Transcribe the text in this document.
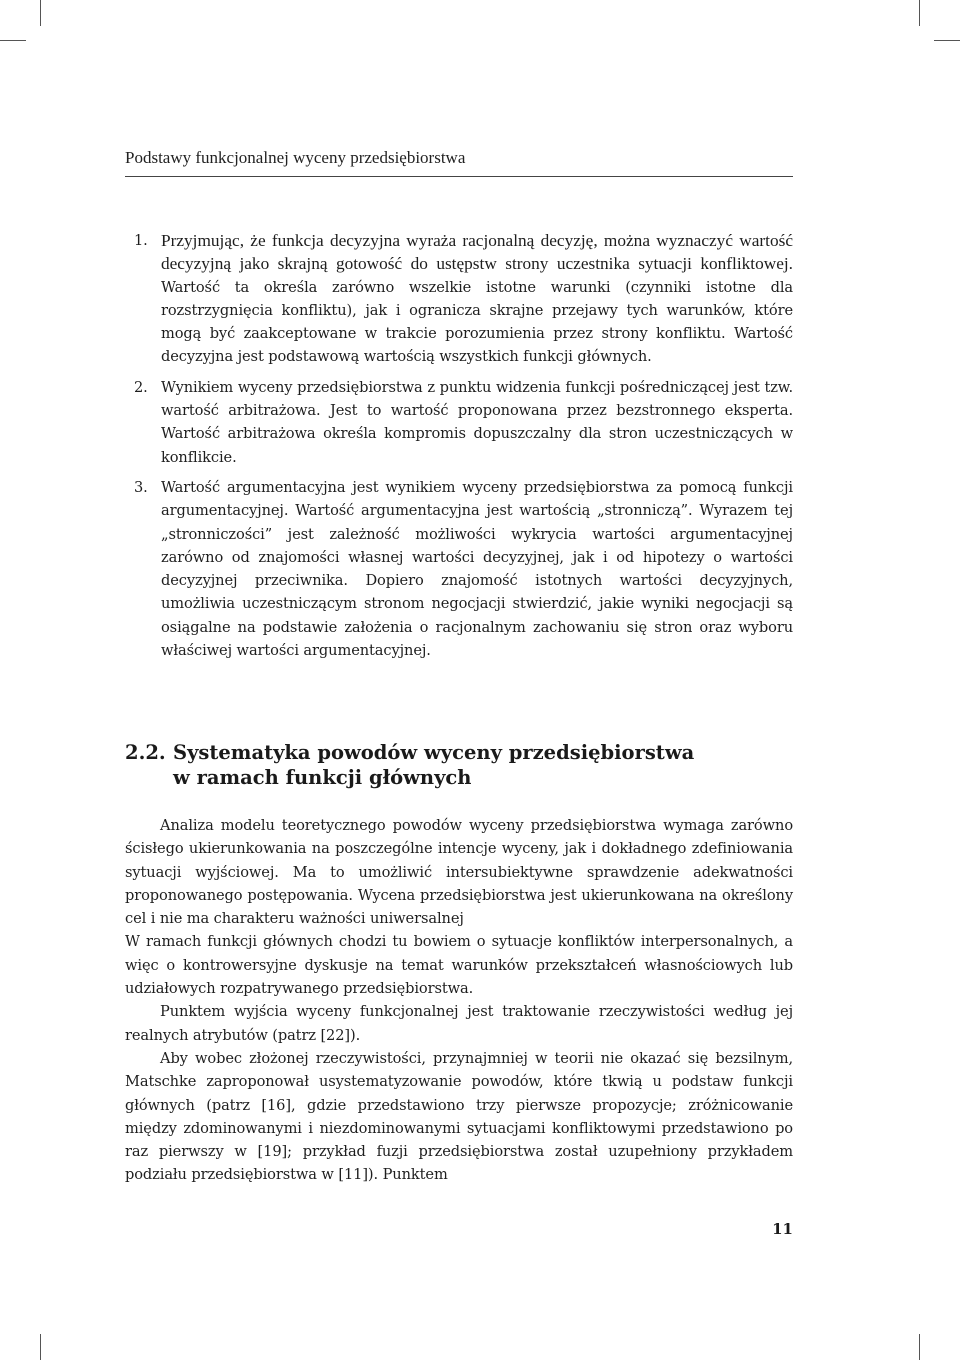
Podstawy funkcjonalnej wyceny przedsiębiorstwa
1. Przyjmując, że funkcja decyzyjna wyraża racjonalną decyzję, można wyznaczyć wartość decyzyjną jako skrajną gotowość do ustępstw strony uczestnika sytuacji konfliktowej. Wartość ta określa zarówno wszelkie istotne warunki (czynniki istotne dla rozstrzygnięcia konfliktu), jak i ogranicza skrajne przejawy tych warunków, które mogą być zaakceptowane w trakcie porozumienia przez strony konfliktu. Wartość decyzyjna jest podstawową wartością wszystkich funkcji głównych.
2. Wynikiem wyceny przedsiębiorstwa z punktu widzenia funkcji pośredniczącej jest tzw. wartość arbitrażowa. Jest to wartość proponowana przez bezstronnego eksperta. Wartość arbitrażowa określa kompromis dopuszczalny dla stron uczestniczących w konflikcie.
3. Wartość argumentacyjna jest wynikiem wyceny przedsiębiorstwa za pomocą funkcji argumentacyjnej. Wartość argumentacyjna jest wartością „stronniczą”. Wyrazem tej „stronniczości” jest zależność możliwości wykrycia wartości argumentacyjnej zarówno od znajomości własnej wartości decyzyjnej, jak i od hipotezy o wartości decyzyjnej przeciwnika. Dopiero znajomość istotnych wartości decyzyjnych, umożliwia uczestniczącym stronom negocjacji stwierdzić, jakie wyniki negocjacji są osiągalne na podstawie założenia o racjonalnym zachowaniu się stron oraz wyboru właściwej wartości argumentacyjnej.
2.2. Systematyka powodów wyceny przedsiębiorstwa
w ramach funkcji głównych

Analiza modelu teoretycznego powodów wyceny przedsiębiorstwa wymaga zarówno ścisłego ukierunkowania na poszczególne intencje wyceny, jak i dokładnego zdefiniowania sytuacji wyjściowej. Ma to umożliwić intersubiektywne sprawdzenie adekwatności proponowanego postępowania. Wycena przedsiębiorstwa jest ukierunkowana na określony cel i nie ma charakteru ważności uniwersalnej

W ramach funkcji głównych chodzi tu bowiem o sytuacje konfliktów interpersonalnych, a więc o kontrowersyjne dyskusje na temat warunków przekształceń własnościowych lub udziałowych rozpatrywanego przedsiębiorstwa.

Punktem wyjścia wyceny funkcjonalnej jest traktowanie rzeczywistości według jej realnych atrybutów (patrz [22]).

Aby wobec złożonej rzeczywistości, przynajmniej w teorii nie okazać się bezsilnym, Matschke zaproponował usystematyzowanie powodów, które tkwią u podstaw funkcji głównych (patrz [16], gdzie przedstawiono trzy pierwsze propozycje; zróżnicowanie między zdominowanymi i niezdominowanymi sytuacjami konfliktowymi przedstawiono po raz pierwszy w [19]; przykład fuzji przedsiębiorstwa został uzupełniony przykładem podziału przedsiębiorstwa w [11]). Punktem

11
